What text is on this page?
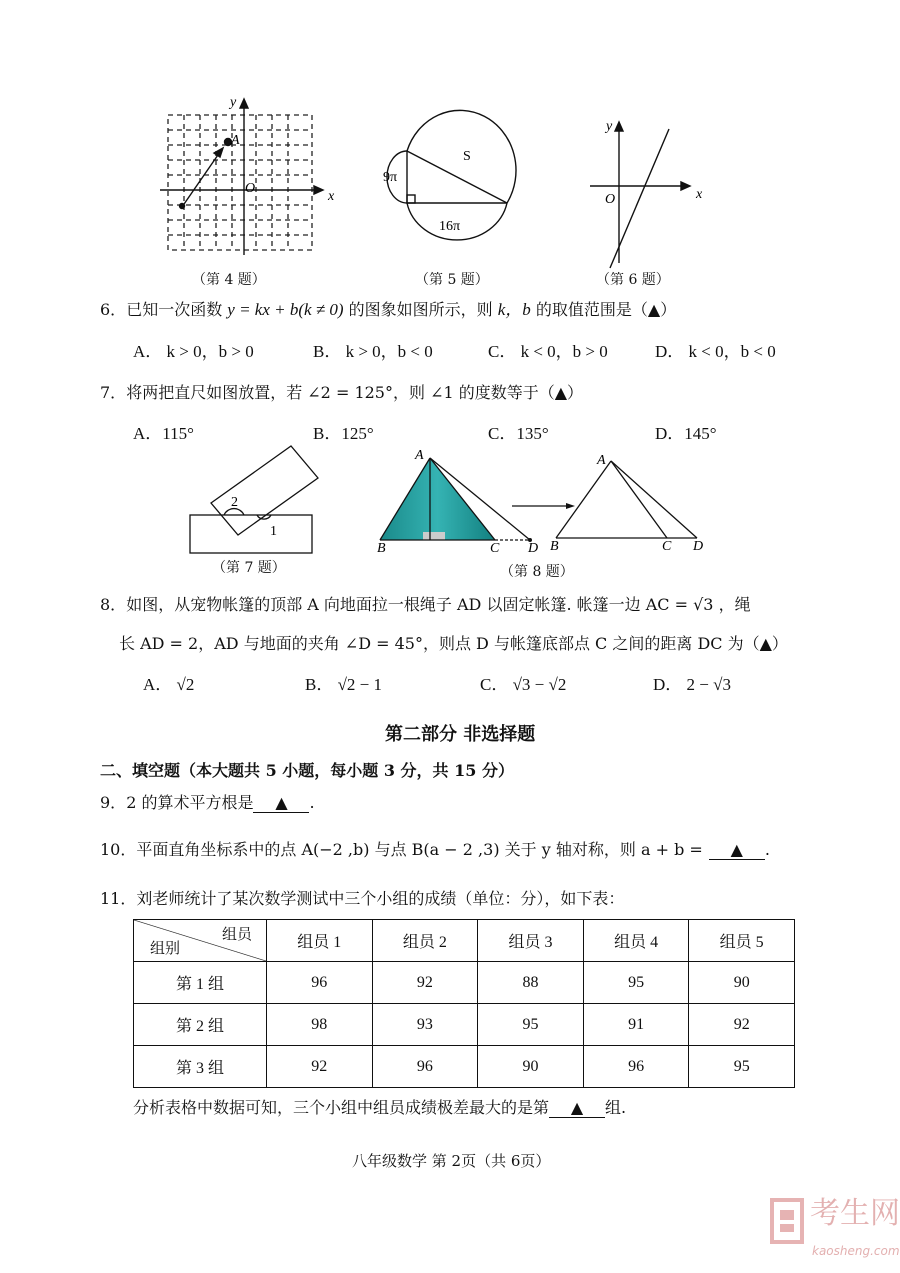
y
A
O
x
（第 4 题）
S
9π
16π
（第 5 题）
y
O	x
（第 6 题）
6．已知一次函数 y = kx + b(k ≠ 0) 的图象如图所示，则 k，b 的取值范围是（▲）
A． k > 0，b > 0	B． k > 0，b < 0	C． k < 0，b > 0	D． k < 0，b < 0
7．将两把直尺如图放置，若 ∠2 = 125°，则 ∠1 的度数等于（▲）
A．115°	B．125°	C．135°	D．145°
2
1
（第 7 题）
A
B	C D
A
B	C D
（第 8 题）
8．如图，从宠物帐篷的顶部 A 向地面拉一根绳子 AD 以固定帐篷. 帐篷一边 AC = √3 ，绳
长 AD = 2，AD 与地面的夹角 ∠D = 45°，则点 D 与帐篷底部点 C 之间的距离 DC 为（▲）
A． √2	B． √2 − 1	C． √3 − √2	D． 2 − √3
第二部分 非选择题
二、填空题（本大题共 5 小题，每小题 3 分，共 15 分）
9．2 的算术平方根是 ▲ .
10．平面直角坐标系中的点 A(−2 ,b) 与点 B(a − 2 ,3) 关于 y 轴对称，则 a + b = ▲ .
11．刘老师统计了某次数学测试中三个小组的成绩（单位：分），如下表：
组员
组别	组员 1	组员 2	组员 3	组员 4	组员 5
第 1 组	96	92	88	95	90
第 2 组	98	93	95	91	92
第 3 组	92	96	90	96	95
分析表格中数据可知，三个小组中组员成绩极差最大的是第 ▲ 组.
八年级数学 第 2页（共 6页）
考生网
kaosheng.com
